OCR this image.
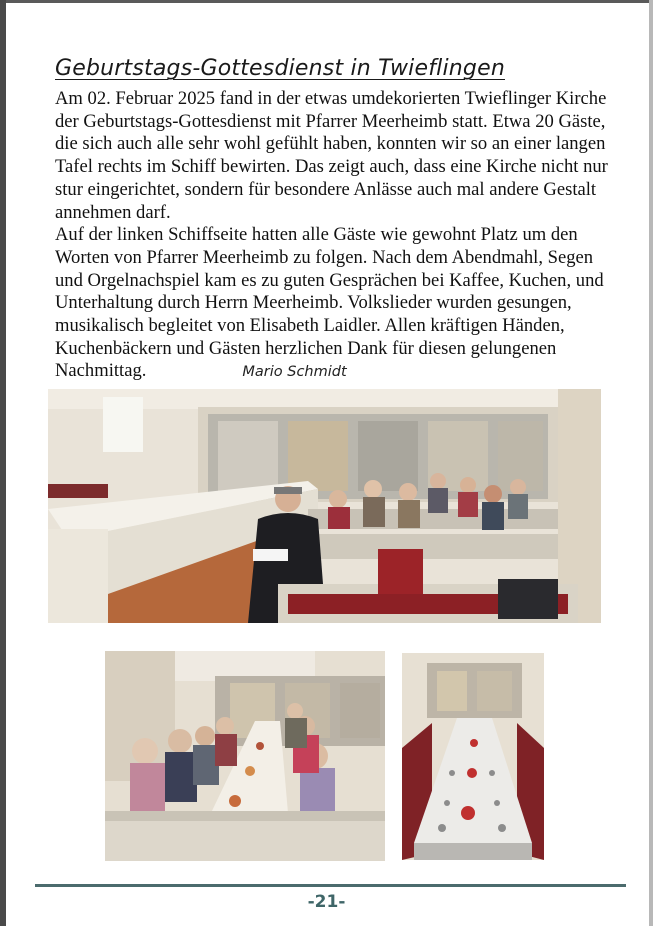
Geburtstags-Gottesdienst in Twieflingen

Am 02. Februar 2025 fand in der etwas umdekorierten Twieflinger Kirche der Geburtstags-Gottesdienst mit Pfarrer Meerheimb statt. Etwa 20 Gäste, die sich auch alle sehr wohl gefühlt haben, konnten wir so an einer langen Tafel rechts im Schiff bewirten. Das zeigt auch, dass eine Kirche nicht nur stur eingerichtet, sondern für besondere Anlässe auch mal andere Gestalt annehmen darf.

Auf der linken Schiffseite hatten alle Gäste wie gewohnt Platz um den Worten von Pfarrer Meerheimb zu folgen. Nach dem Abendmahl, Segen und Orgelnachspiel kam es zu guten Gesprächen bei Kaffee, Kuchen, und Unterhaltung durch Herrn Meerheimb. Volkslieder wurden gesungen, musikalisch begleitet von Elisabeth Laidler. Allen kräftigen Händen, Kuchenbäckern und Gästen herzlichen Dank für diesen gelungenen Nachmittag.	Mario Schmidt

-21-
